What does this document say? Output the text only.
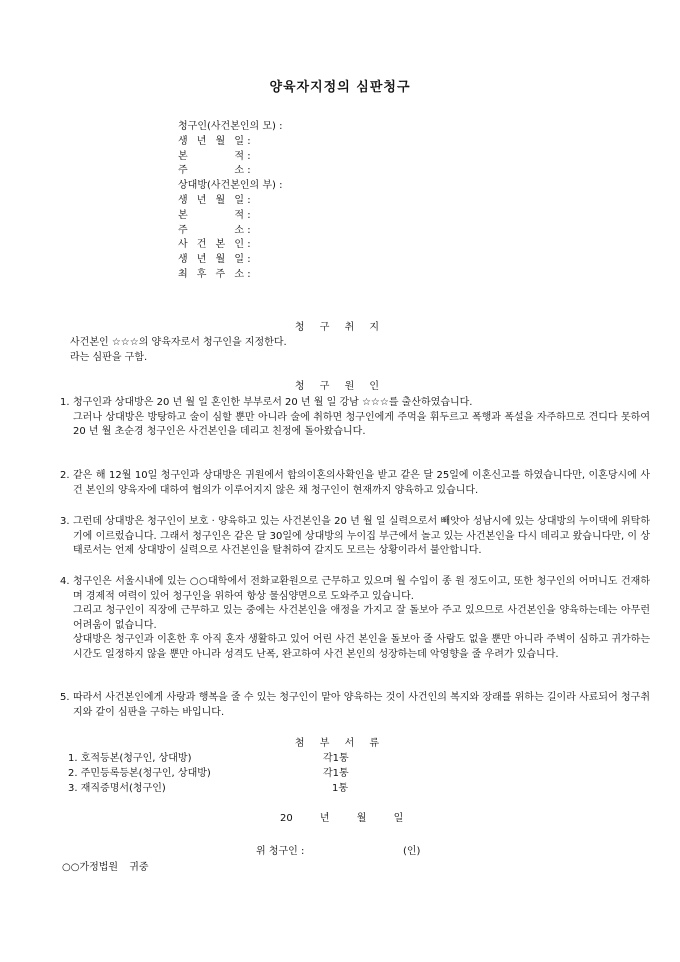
양육자지정의 심판청구
청구인(사건본인의 모) :
생 년 월 일 :
본 적 :
주 소 :
상대방(사건본인의 부) :
생 년 월 일 :
본 적 :
주 소 :
사 건 본 인 :
생 년 월 일 :
최 후 주 소 :
청 구 취 지
사건본인 ☆☆☆의 양육자로서 청구인을 지정한다.
라는 심판을 구함.
청 구 원 인
1. 청구인과 상대방은 20 년 월 일 혼인한 부부로서 20 년 월 일 강남 ☆☆☆를 출산하였습니다.

그러나 상대방은 방탕하고 술이 심할 뿐만 아니라 술에 취하면 청구인에게 주먹을 휘두르고 폭행과 폭설을 자주하므로 견디다 못하여 20 년 월 초순경 청구인은 사건본인을 데리고 친정에 돌아왔습니다.

2. 같은 해 12월 10일 청구인과 상대방은 귀원에서 합의이혼의사확인을 받고 같은 달 25일에 이혼신고를 하였습니다만, 이혼당시에 사건 본인의 양육자에 대하여 협의가 이루어지지 않은 채 청구인이 현재까지 양육하고 있습니다.

3. 그런데 상대방은 청구인이 보호 · 양육하고 있는 사건본인을 20 년 월 일 실력으로서 빼앗아 성남시에 있는 상대방의 누이댁에 위탁하기에 이르렀습니다. 그래서 청구인은 같은 달 30일에 상대방의 누이집 부근에서 놀고 있는 사건본인을 다시 데리고 왔습니다만, 이 상태로서는 언제 상대방이 실력으로 사건본인을 탈취하여 갈지도 모르는 상황이라서 불안합니다.

4. 청구인은 서울시내에 있는 ○○대학에서 전화교환원으로 근무하고 있으며 월 수입이 종 원 정도이고, 또한 청구인의 어머니도 건재하며 경제적 여력이 있어 청구인을 위하여 항상 물심양면으로 도와주고 있습니다.

그리고 청구인이 직장에 근무하고 있는 중에는 사건본인을 애정을 가지고 잘 돌보아 주고 있으므로 사건본인을 양육하는데는 아무런 어려움이 없습니다.

상대방은 청구인과 이혼한 후 아직 혼자 생활하고 있어 어린 사건 본인을 돌보아 줄 사람도 없을 뿐만 아니라 주벽이 심하고 귀가하는 시간도 일정하지 않을 뿐만 아니라 성격도 난폭, 완고하여 사건 본인의 성장하는데 악영향을 줄 우려가 있습니다.

5. 따라서 사건본인에게 사랑과 행복을 줄 수 있는 청구인이 맡아 양육하는 것이 사건인의 복지와 장래를 위하는 길이라 사료되어 청구취지와 같이 심판을 구하는 바입니다.

첨 부 서 류
1. 호적등본(청구인, 상대방)	각1통
2. 주민등록등본(청구인, 상대방)	각1통
3. 재직증명서(청구인)	1통
20 년 월 일
위 청구인 :	(인)
○○가정법원 귀중
